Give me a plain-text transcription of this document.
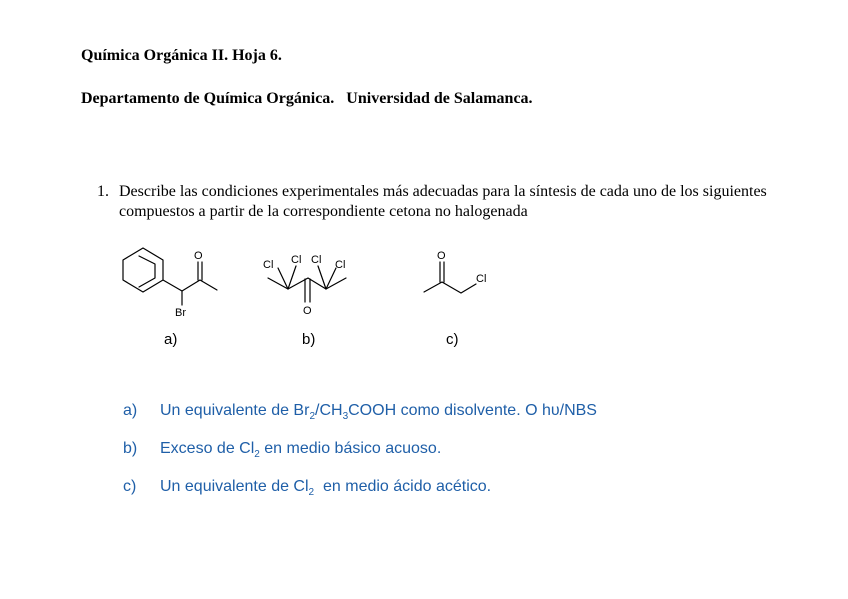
Química Orgánica II. Hoja 6.
Departamento de Química Orgánica.   Universidad de Salamanca.
1. Describe las condiciones experimentales más adecuadas para la síntesis de cada uno de los siguientes compuestos a partir de la correspondiente cetona no halogenada
O
Br
Cl Cl Cl Cl
O
O
Cl
a)	b)	c)
a) Un equivalente de $Br_2/CH_3COOH$ como disolvente. O hυ/NBS
b) Exceso de $Cl_2$ en medio básico acuoso.
c) Un equivalente de $Cl_2$  en medio ácido acético.
